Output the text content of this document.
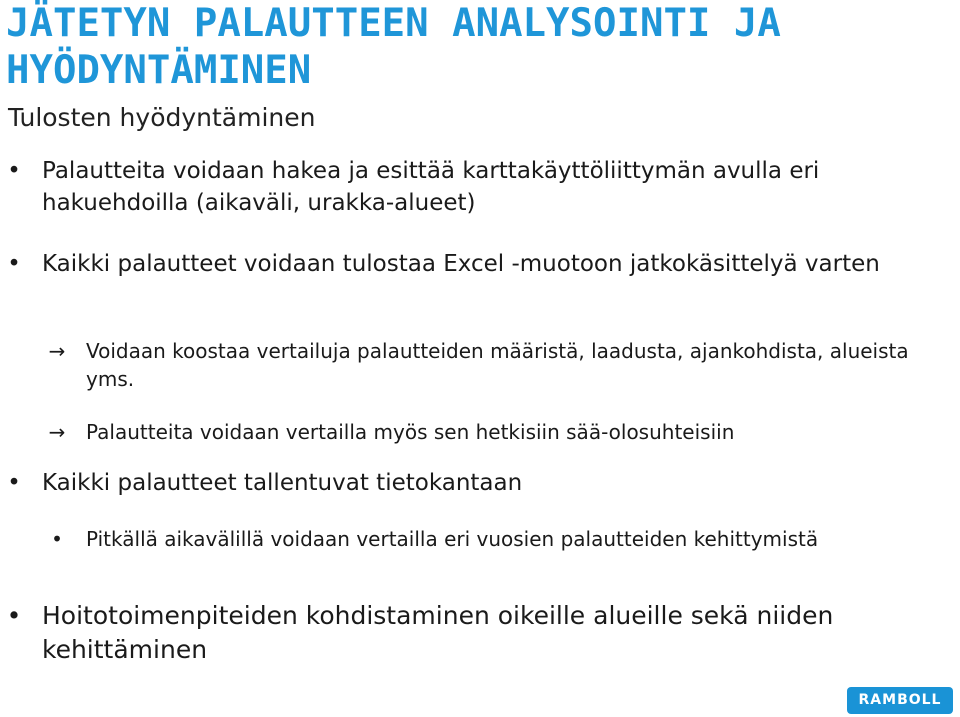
JÄTETYN PALAUTTEEN ANALYSOINTI JA HYÖDYNTÄMINEN

Tulosten hyödyntäminen

• Palautteita voidaan hakea ja esittää karttakäyttöliittymän avulla eri hakuehdoilla (aikaväli, urakka-alueet)
• Kaikki palautteet voidaan tulostaa Excel -muotoon jatkokäsittelyä varten
→	Voidaan koostaa vertailuja palautteiden määristä, laadusta, ajankohdista, alueista yms.
→	Palautteita voidaan vertailla myös sen hetkisiin sää-olosuhteisiin
• Kaikki palautteet tallentuvat tietokantaan
•	Pitkällä aikavälillä voidaan vertailla eri vuosien palautteiden kehittymistä
• Hoitotoimenpiteiden kohdistaminen oikeille alueille sekä niiden kehittäminen
RAMBOLL
